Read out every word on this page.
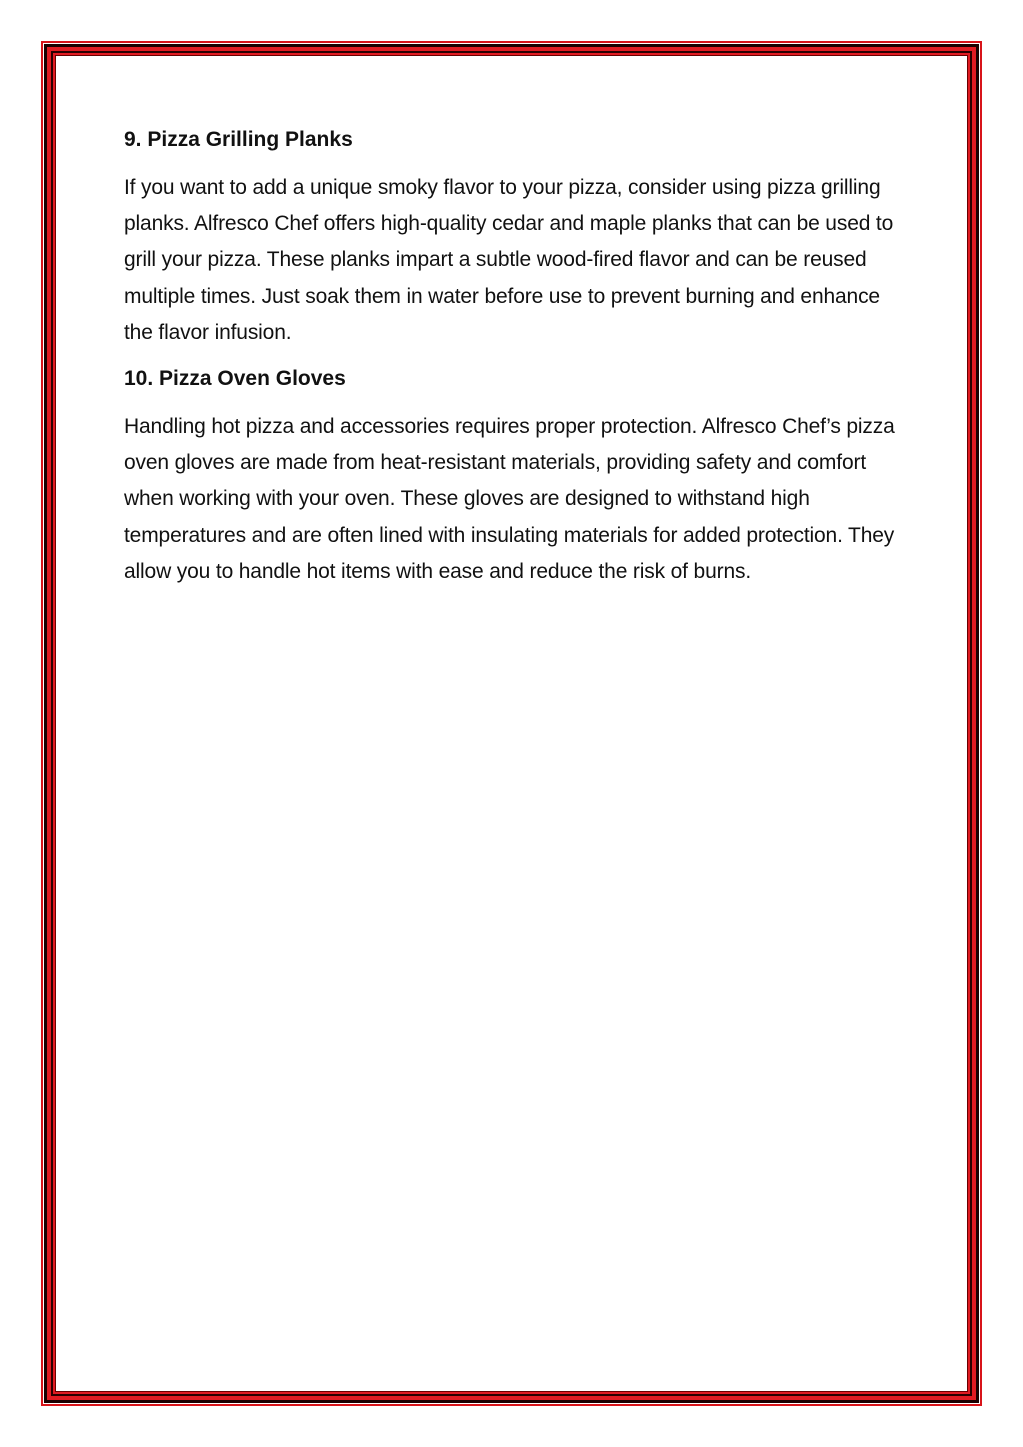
9. Pizza Grilling Planks

If you want to add a unique smoky flavor to your pizza, consider using pizza grilling planks. Alfresco Chef offers high-quality cedar and maple planks that can be used to grill your pizza. These planks impart a subtle wood-fired flavor and can be reused multiple times. Just soak them in water before use to prevent burning and enhance the flavor infusion.

10. Pizza Oven Gloves

Handling hot pizza and accessories requires proper protection. Alfresco Chef’s pizza oven gloves are made from heat-resistant materials, providing safety and comfort when working with your oven. These gloves are designed to withstand high temperatures and are often lined with insulating materials for added protection. They allow you to handle hot items with ease and reduce the risk of burns.
